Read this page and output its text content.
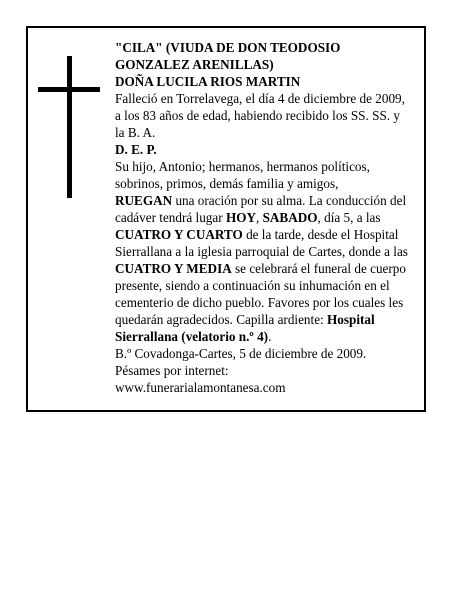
"CILA" (VIUDA DE DON TEODOSIO
GONZALEZ ARENILLAS)
DOÑA LUCILA RIOS MARTIN
Falleció en Torrelavega, el día 4 de diciembre de 2009,
a los 83 años de edad, habiendo recibido los SS. SS. y
la B. A.
D. E. P.
Su hijo, Antonio; hermanos, hermanos políticos,
sobrinos, primos, demás familia y amigos,
RUEGAN una oración por su alma. La conducción del
cadáver tendrá lugar HOY, SABADO, día 5, a las
CUATRO Y CUARTO de la tarde, desde el Hospital
Sierrallana a la iglesia parroquial de Cartes, donde a las
CUATRO Y MEDIA se celebrará el funeral de cuerpo
presente, siendo a continuación su inhumación en el
cementerio de dicho pueblo. Favores por los cuales les
quedarán agradecidos. Capilla ardiente: Hospital
Sierrallana (velatorio n.º 4).
B.º Covadonga-Cartes, 5 de diciembre de 2009.
Pésames por internet:
www.funerarialamontanesa.com
